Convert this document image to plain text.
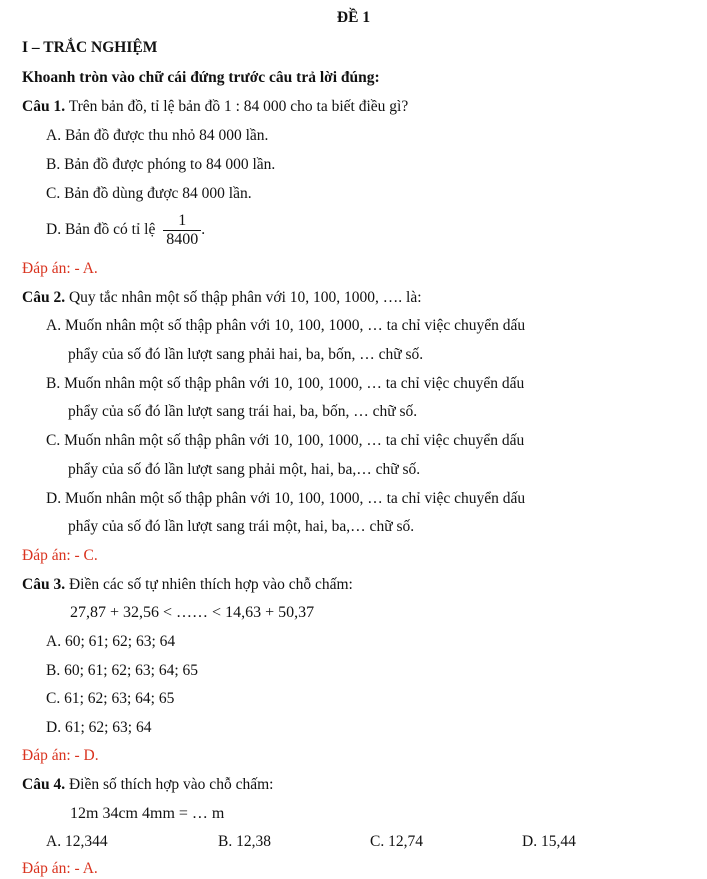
ĐỀ 1
I – TRẮC NGHIỆM
Khoanh tròn vào chữ cái đứng trước câu trả lời đúng:
Câu 1. Trên bản đồ, tỉ lệ bản đồ 1 : 84 000 cho ta biết điều gì?
A. Bản đồ được thu nhỏ 84 000 lần.
B. Bản đồ được phóng to 84 000 lần.
C. Bản đồ dùng được 84 000 lần.
D. Bản đồ có tỉ lệ $\frac{1}{8400}$ .
Đáp án: - A.
Câu 2. Quy tắc nhân một số thập phân với 10, 100, 1000, …. là:
A. Muốn nhân một số thập phân với 10, 100, 1000, … ta chỉ việc chuyển dấu
phẩy của số đó lần lượt sang phải hai, ba, bốn, … chữ số.
B. Muốn nhân một số thập phân với 10, 100, 1000, … ta chỉ việc chuyển dấu
phẩy của số đó lần lượt sang trái hai, ba, bốn, … chữ số.
C. Muốn nhân một số thập phân với 10, 100, 1000, … ta chỉ việc chuyển dấu
phẩy của số đó lần lượt sang phải một, hai, ba,… chữ số.
D. Muốn nhân một số thập phân với 10, 100, 1000, … ta chỉ việc chuyển dấu
phẩy của số đó lần lượt sang trái một, hai, ba,… chữ số.
Đáp án: - C.
Câu 3. Điền các số tự nhiên thích hợp vào chỗ chấm:
27,87 + 32,56 < …… < 14,63 + 50,37
A. 60; 61; 62; 63; 64
B. 60; 61; 62; 63; 64; 65
C. 61; 62; 63; 64; 65
D. 61; 62; 63; 64
Đáp án: - D.
Câu 4. Điền số thích hợp vào chỗ chấm:
12m 34cm 4mm = … m
A. 12,344	B. 12,38	C. 12,74	D. 15,44
Đáp án: - A.
